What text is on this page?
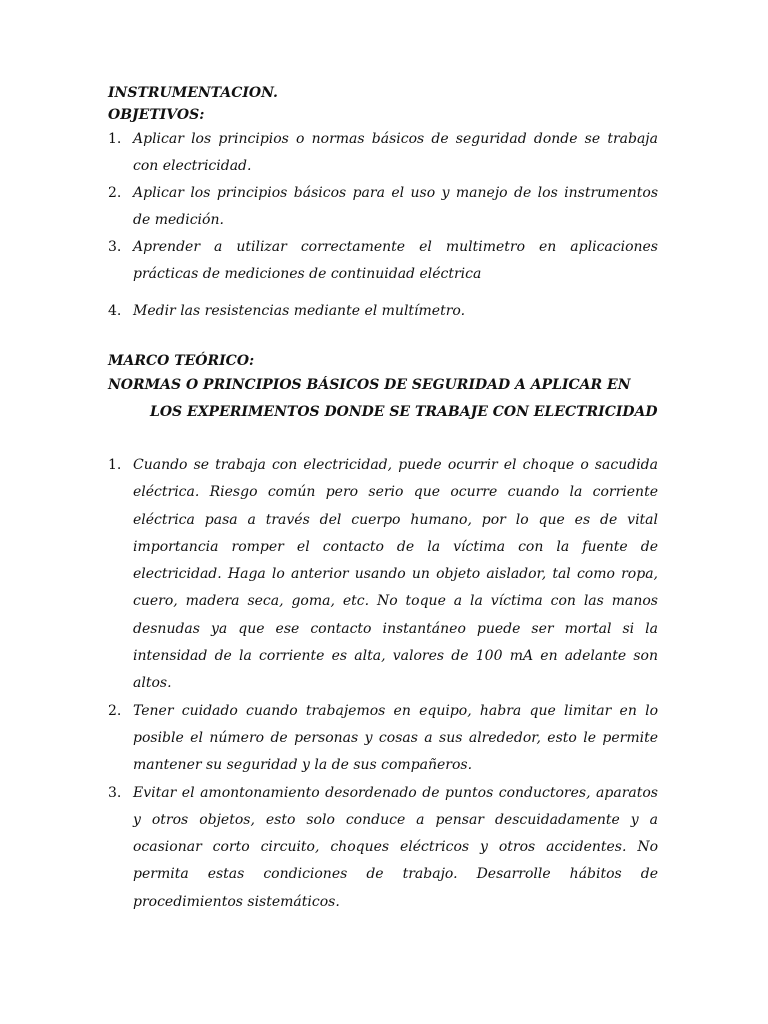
INSTRUMENTACION.

OBJETIVOS:

1. Aplicar los principios o normas básicos de seguridad donde se trabaja con electricidad.
2. Aplicar los principios básicos para el uso y manejo de los instrumentos de medición.
3. Aprender a utilizar correctamente el multimetro en aplicaciones prácticas de mediciones de continuidad eléctrica
4. Medir las resistencias mediante el multímetro.

MARCO TEÓRICO:

NORMAS O PRINCIPIOS BÁSICOS DE SEGURIDAD A APLICAR EN

LOS EXPERIMENTOS DONDE SE TRABAJE CON ELECTRICIDAD

1. Cuando se trabaja con electricidad, puede ocurrir el choque o sacudida eléctrica. Riesgo común pero serio que ocurre cuando la corriente eléctrica pasa a través del cuerpo humano, por lo que es de vital importancia romper el contacto de la víctima con la fuente de electricidad. Haga lo anterior usando un objeto aislador, tal como ropa, cuero, madera seca, goma, etc. No toque a la víctima con las manos desnudas ya que ese contacto instantáneo puede ser mortal si la intensidad de la corriente es alta, valores de 100 mA en adelante son altos.
2. Tener cuidado cuando trabajemos en equipo, habra que limitar en lo posible el número de personas y cosas a sus alrededor, esto le permite mantener su seguridad y la de sus compañeros.
3. Evitar el amontonamiento desordenado de puntos conductores, aparatos y otros objetos, esto solo conduce a pensar descuidadamente y a ocasionar corto circuito, choques eléctricos y otros accidentes. No permita estas condiciones de trabajo. Desarrolle hábitos de procedimientos sistemáticos.
